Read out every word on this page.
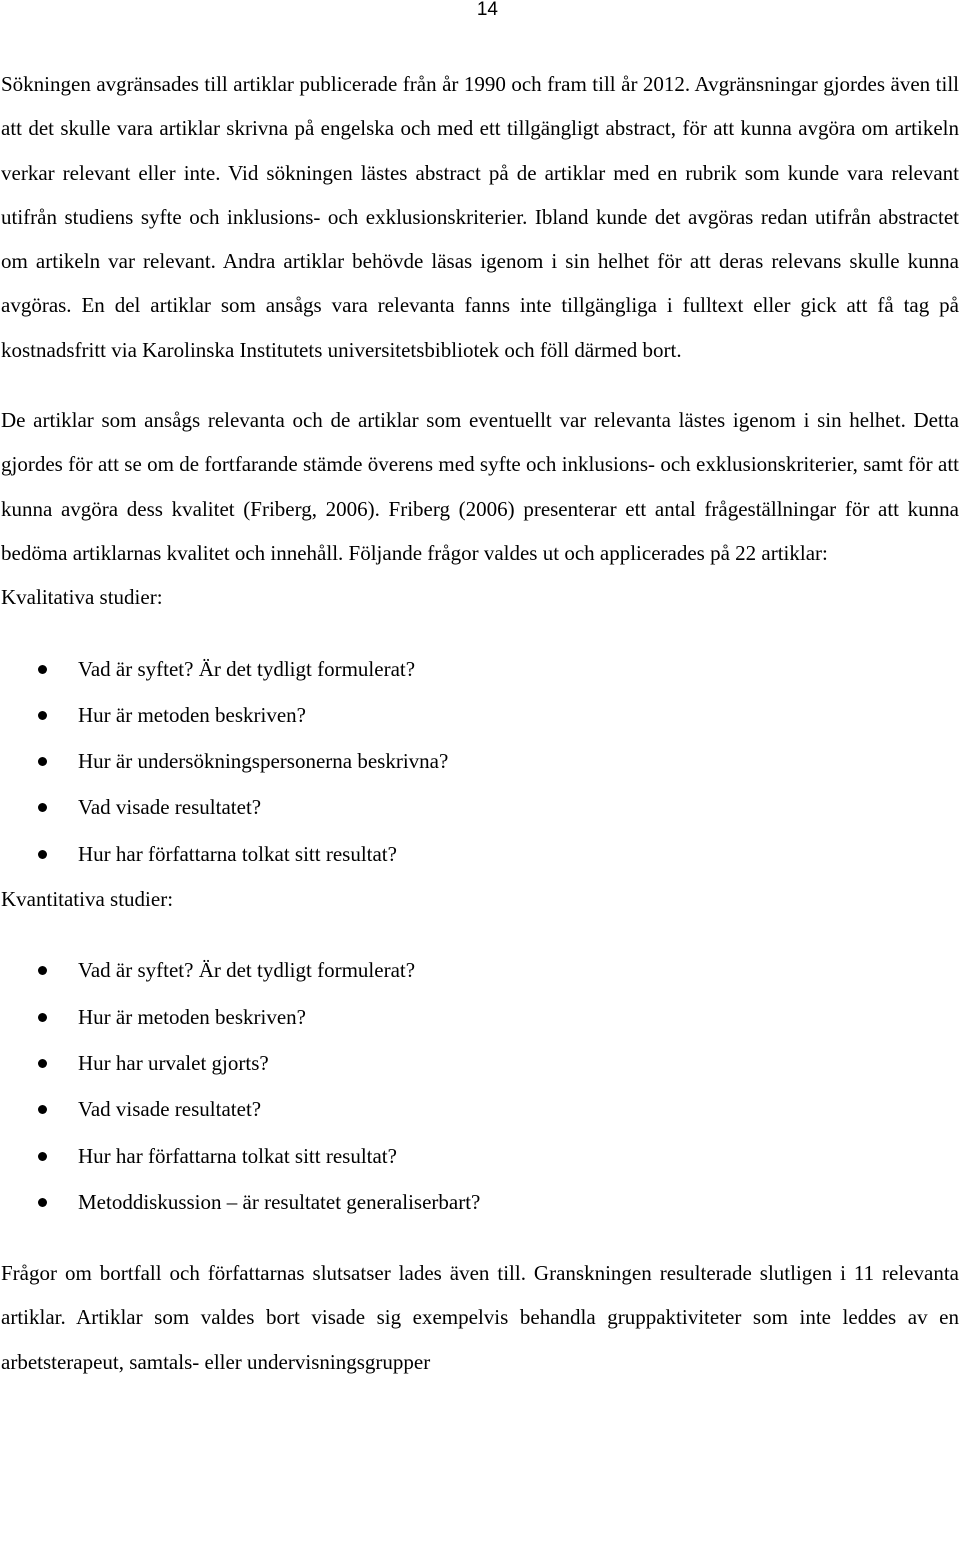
14

Sökningen avgränsades till artiklar publicerade från år 1990 och fram till år 2012. Avgränsningar gjordes även till att det skulle vara artiklar skrivna på engelska och med ett tillgängligt abstract, för att kunna avgöra om artikeln verkar relevant eller inte. Vid sökningen lästes abstract på de artiklar med en rubrik som kunde vara relevant utifrån studiens syfte och inklusions- och exklusionskriterier. Ibland kunde det avgöras redan utifrån abstractet om artikeln var relevant. Andra artiklar behövde läsas igenom i sin helhet för att deras relevans skulle kunna avgöras. En del artiklar som ansågs vara relevanta fanns inte tillgängliga i fulltext eller gick att få tag på kostnadsfritt via Karolinska Institutets universitetsbibliotek och föll därmed bort.

De artiklar som ansågs relevanta och de artiklar som eventuellt var relevanta lästes igenom i sin helhet. Detta gjordes för att se om de fortfarande stämde överens med syfte och inklusions- och exklusionskriterier, samt för att kunna avgöra dess kvalitet (Friberg, 2006). Friberg (2006) presenterar ett antal frågeställningar för att kunna bedöma artiklarnas kvalitet och innehåll. Följande frågor valdes ut och applicerades på 22 artiklar:

Kvalitativa studier:

Vad är syftet? Är det tydligt formulerat?
Hur är metoden beskriven?
Hur är undersökningspersonerna beskrivna?
Vad visade resultatet?
Hur har författarna tolkat sitt resultat?

Kvantitativa studier:

Vad är syftet? Är det tydligt formulerat?
Hur är metoden beskriven?
Hur har urvalet gjorts?
Vad visade resultatet?
Hur har författarna tolkat sitt resultat?
Metoddiskussion – är resultatet generaliserbart?

Frågor om bortfall och författarnas slutsatser lades även till. Granskningen resulterade slutligen i 11 relevanta artiklar. Artiklar som valdes bort visade sig exempelvis behandla gruppaktiviteter som inte leddes av en arbetsterapeut, samtals- eller undervisningsgrupper
